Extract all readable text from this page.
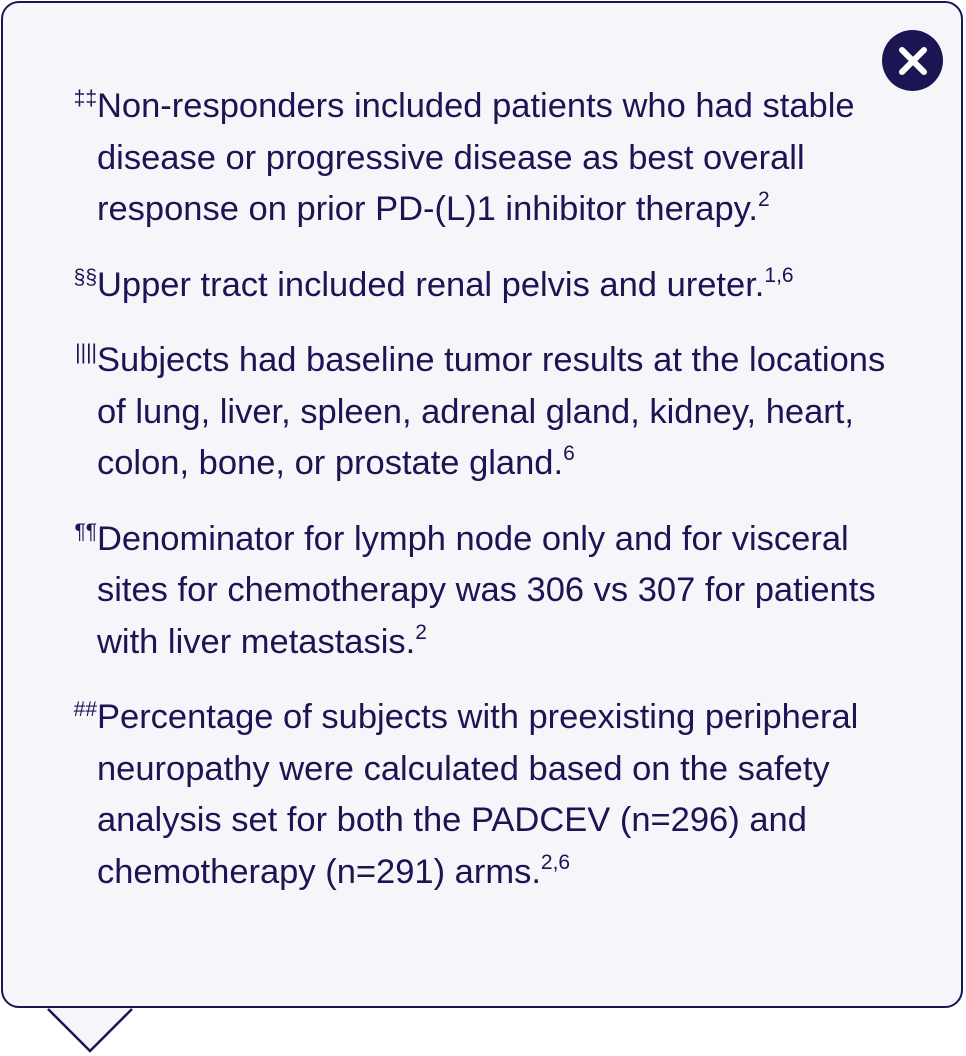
‡‡ Non-responders included patients who had stable disease or progressive disease as best overall response on prior PD-(L)1 inhibitor therapy.$^2$
§§ Upper tract included renal pelvis and ureter.$^{1,6}$
|||| Subjects had baseline tumor results at the locations of lung, liver, spleen, adrenal gland, kidney, heart, colon, bone, or prostate gland.$^6$
¶¶ Denominator for lymph node only and for visceral sites for chemotherapy was 306 vs 307 for patients with liver metastasis.$^2$
## Percentage of subjects with preexisting peripheral neuropathy were calculated based on the safety analysis set for both the PADCEV (n=296) and chemotherapy (n=291) arms.$^{2,6}$
